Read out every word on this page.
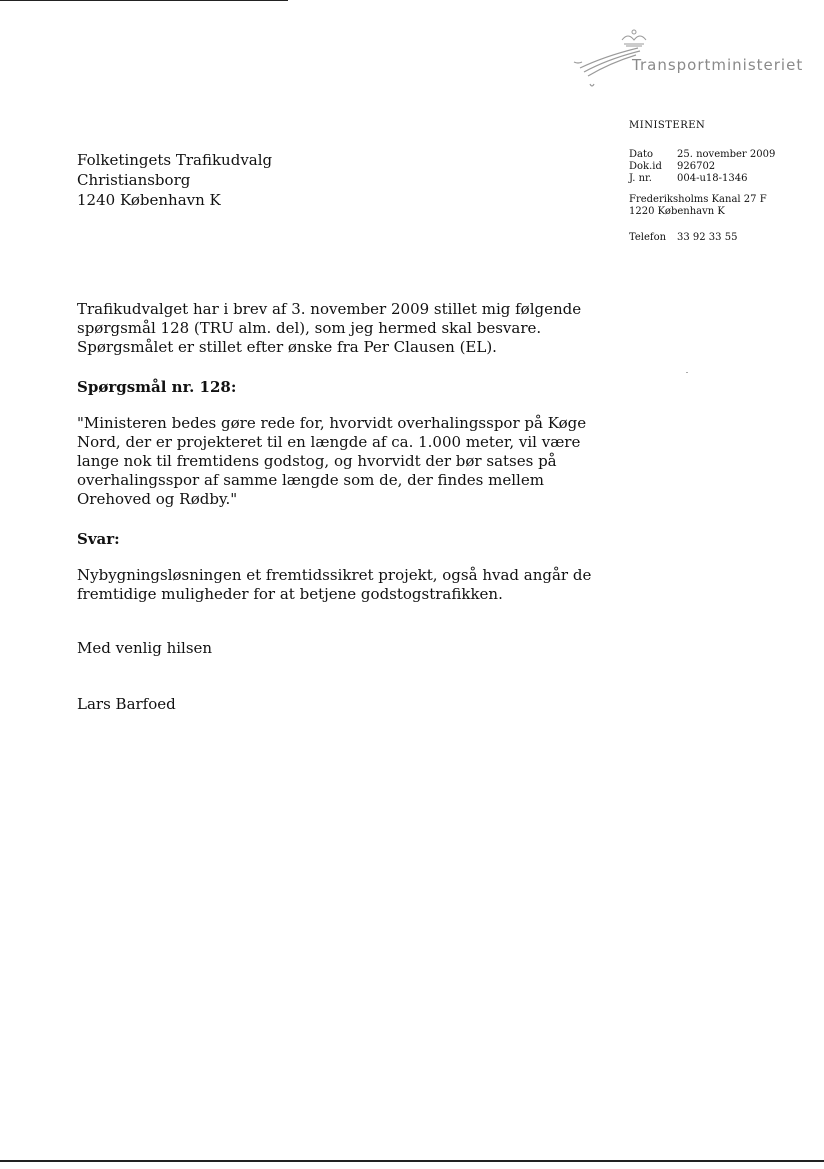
Transportministeriet
MINISTEREN
Dato	25. november 2009
Dok.id	926702
J. nr.	004-u18-1346
Frederiksholms Kanal 27 F
1220 København K
Telefon 33 92 33 55
Folketingets Trafikudvalg
Christiansborg
1240 København K

Trafikudvalget har i brev af 3. november 2009 stillet mig følgende spørgsmål 128 (TRU alm. del), som jeg hermed skal besvare. Spørgsmålet er stillet efter ønske fra Per Clausen (EL).

Spørgsmål nr. 128:

"Ministeren bedes gøre rede for, hvorvidt overhalingsspor på Køge Nord, der er projekteret til en længde af ca. 1.000 meter, vil være lange nok til fremtidens godstog, og hvorvidt der bør satses på overhalingsspor af samme længde som de, der findes mellem Orehoved og Rødby."

Svar:

Nybygningsløsningen et fremtidssikret projekt, også hvad angår de fremtidige muligheder for at betjene godstogstrafikken.

Med venlig hilsen

Lars Barfoed
